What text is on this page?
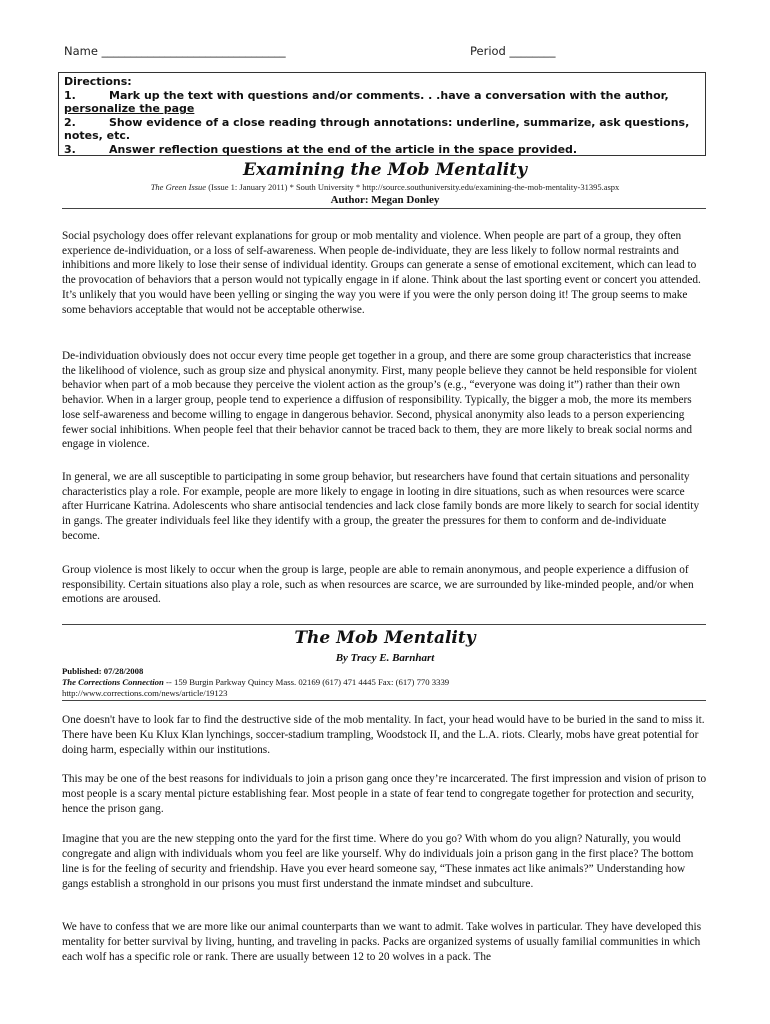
Name ________________________________	Period ________
Directions:
1.	Mark up the text with questions and/or comments. . .have a conversation with the author,
personalize the page
2.	Show evidence of a close reading through annotations: underline, summarize, ask questions,
notes, etc.
3.	Answer reflection questions at the end of the article in the space provided.
Examining the Mob Mentality
The Green Issue (Issue 1: January 2011) * South University * http://source.southuniversity.edu/examining-the-mob-mentality-31395.aspx
Author: Megan Donley
Social psychology does offer relevant explanations for group or mob mentality and violence. When people are part of a group, they often experience de-individuation, or a loss of self-awareness. When people de-individuate, they are less likely to follow normal restraints and inhibitions and more likely to lose their sense of individual identity. Groups can generate a sense of emotional excitement, which can lead to the provocation of behaviors that a person would not typically engage in if alone. Think about the last sporting event or concert you attended. It’s unlikely that you would have been yelling or singing the way you were if you were the only person doing it! The group seems to make some behaviors acceptable that would not be acceptable otherwise.
De-individuation obviously does not occur every time people get together in a group, and there are some group characteristics that increase the likelihood of violence, such as group size and physical anonymity. First, many people believe they cannot be held responsible for violent behavior when part of a mob because they perceive the violent action as the group’s (e.g., “everyone was doing it”) rather than their own behavior. When in a larger group, people tend to experience a diffusion of responsibility. Typically, the bigger a mob, the more its members lose self-awareness and become willing to engage in dangerous behavior. Second, physical anonymity also leads to a person experiencing fewer social inhibitions. When people feel that their behavior cannot be traced back to them, they are more likely to break social norms and engage in violence.
In general, we are all susceptible to participating in some group behavior, but researchers have found that certain situations and personality characteristics play a role. For example, people are more likely to engage in looting in dire situations, such as when resources were scarce after Hurricane Katrina. Adolescents who share antisocial tendencies and lack close family bonds are more likely to search for social identity in gangs. The greater individuals feel like they identify with a group, the greater the pressures for them to conform and de-individuate become.
Group violence is most likely to occur when the group is large, people are able to remain anonymous, and people experience a diffusion of responsibility. Certain situations also play a role, such as when resources are scarce, we are surrounded by like-minded people, and/or when emotions are aroused.
The Mob Mentality
By Tracy E. Barnhart
Published: 07/28/2008
The Corrections Connection -- 159 Burgin Parkway Quincy Mass. 02169 (617) 471 4445 Fax: (617) 770 3339
http://www.corrections.com/news/article/19123
One doesn't have to look far to find the destructive side of the mob mentality. In fact, your head would have to be buried in the sand to miss it. There have been Ku Klux Klan lynchings, soccer-stadium trampling, Woodstock II, and the L.A. riots. Clearly, mobs have great potential for doing harm, especially within our institutions.
This may be one of the best reasons for individuals to join a prison gang once they’re incarcerated. The first impression and vision of prison to most people is a scary mental picture establishing fear. Most people in a state of fear tend to congregate together for protection and security, hence the prison gang.
Imagine that you are the new stepping onto the yard for the first time. Where do you go? With whom do you align? Naturally, you would congregate and align with individuals whom you feel are like yourself. Why do individuals join a prison gang in the first place? The bottom line is for the feeling of security and friendship. Have you ever heard someone say, “These inmates act like animals?” Understanding how gangs establish a stronghold in our prisons you must first understand the inmate mindset and subculture.
We have to confess that we are more like our animal counterparts than we want to admit. Take wolves in particular. They have developed this mentality for better survival by living, hunting, and traveling in packs. Packs are organized systems of usually familial communities in which each wolf has a specific role or rank. There are usually between 12 to 20 wolves in a pack. The
